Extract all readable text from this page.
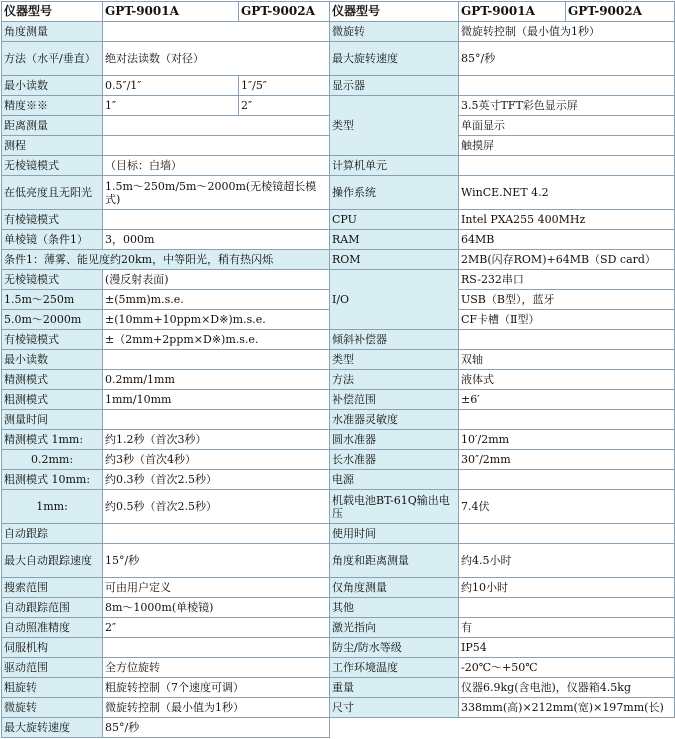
仪器型号	GPT-9001A	GPT-9002A	仪器型号	GPT-9001A	GPT-9002A
角度测量			微旋转	微旋转控制（最小值为1秒）	
方法（水平/垂直）	绝对法读数（对径）		最大旋转速度	85°/秒	
最小读数	0.5″/1″	1″/5″	显示器		
精度※※	1″	2″	类型	3.5英寸TFT彩色显示屏	
距离测量				单面显示	
测程				触摸屏	
无棱镜模式	（目标：白墙）		计算机单元		
在低亮度且无阳光	1.5m～250m/5m～2000m(无棱镜超长模式)		操作系统	WinCE.NET 4.2	
有棱镜模式			CPU	Intel PXA255 400MHz	
单棱镜（条件1）	3，000m		RAM	64MB	
条件1：薄雾、能见度约20km，中等阳光，稍有热闪烁			ROM	2MB(闪存ROM)+64MB（SD card）	
无棱镜模式	(漫反射表面)		I/O	RS-232串口	
1.5m～250m	±(5mm)m.s.e.			USB（B型），蓝牙	
5.0m～2000m	±(10mm+10ppm×D※)m.s.e.			CF卡槽（Ⅱ型）	
有棱镜模式	±（2mm+2ppm×D※)m.s.e.		倾斜补偿器		
最小读数			类型	双轴	
精测模式	0.2mm/1mm		方法	液体式	
粗测模式	1mm/10mm		补偿范围	±6′	
测量时间			水准器灵敏度		
精测模式 1mm:	约1.2秒（首次3秒）		圆水准器	10′/2mm	
0.2mm:	约3秒（首次4秒）		长水准器	30″/2mm	
粗测模式 10mm:	约0.3秒（首次2.5秒）		电源		
1mm:	约0.5秒（首次2.5秒）		机载电池BT-61Q输出电压	7.4伏	
自动跟踪			使用时间		
最大自动跟踪速度	15°/秒		角度和距离测量	约4.5小时	
搜索范围	可由用户定义		仅角度测量	约10小时	
自动跟踪范围	8m～1000m(单棱镜)		其他		
自动照准精度	2″		激光指向	有	
伺服机构			防尘/防水等级	IP54	
驱动范围	全方位旋转		工作环境温度	-20℃～+50℃	
粗旋转	粗旋转控制（7个速度可调）		重量	仪器6.9kg(含电池)，仪器箱4.5kg	
微旋转	微旋转控制（最小值为1秒）		尺寸	338mm(高)×212mm(宽)×197mm(长)	
最大旋转速度	85°/秒				
